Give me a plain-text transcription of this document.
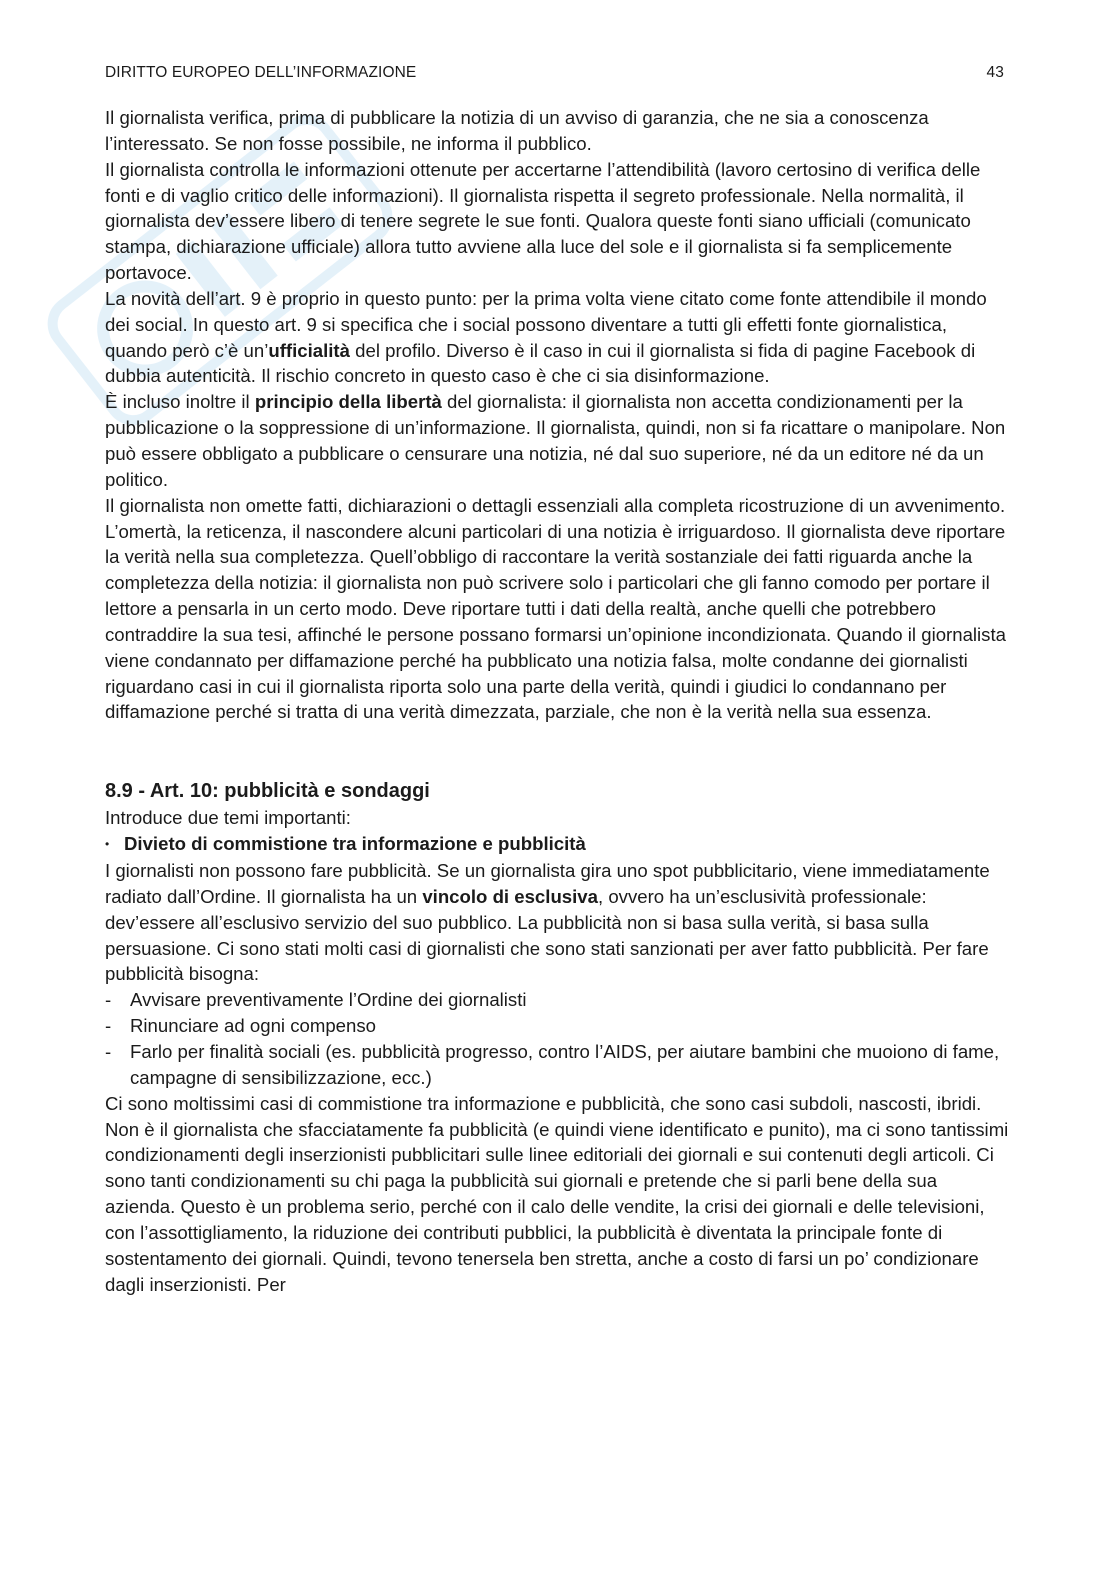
DIRITTO EUROPEO DELL’INFORMAZIONE	43

Il giornalista verifica, prima di pubblicare la notizia di un avviso di garanzia, che ne sia a conoscenza l’interessato. Se non fosse possibile, ne informa il pubblico.

Il giornalista controlla le informazioni ottenute per accertarne l’attendibilità (lavoro certosino di verifica delle fonti e di vaglio critico delle informazioni). Il giornalista rispetta il segreto professionale. Nella normalità, il giornalista dev’essere libero di tenere segrete le sue fonti. Qualora queste fonti siano ufficiali (comunicato stampa, dichiarazione ufficiale) allora tutto avviene alla luce del sole e il giornalista si fa semplicemente portavoce.

La novità dell’art. 9 è proprio in questo punto: per la prima volta viene citato come fonte attendibile il mondo dei social. In questo art. 9 si specifica che i social possono diventare a tutti gli effetti fonte giornalistica, quando però c’è un’ufficialità del profilo. Diverso è il caso in cui il giornalista si fida di pagine Facebook di dubbia autenticità. Il rischio concreto in questo caso è che ci sia disinformazione.

È incluso inoltre il principio della libertà del giornalista: il giornalista non accetta condizionamenti per la pubblicazione o la soppressione di un’informazione. Il giornalista, quindi, non si fa ricattare o manipolare. Non può essere obbligato a pubblicare o censurare una notizia, né dal suo superiore, né da un editore né da un politico.

Il giornalista non omette fatti, dichiarazioni o dettagli essenziali alla completa ricostruzione di un avvenimento. L’omertà, la reticenza, il nascondere alcuni particolari di una notizia è irriguardoso. Il giornalista deve riportare la verità nella sua completezza. Quell’obbligo di raccontare la verità sostanziale dei fatti riguarda anche la completezza della notizia: il giornalista non può scrivere solo i particolari che gli fanno comodo per portare il lettore a pensarla in un certo modo. Deve riportare tutti i dati della realtà, anche quelli che potrebbero contraddire la sua tesi, affinché le persone possano formarsi un’opinione incondizionata. Quando il giornalista viene condannato per diffamazione perché ha pubblicato una notizia falsa, molte condanne dei giornalisti riguardano casi in cui il giornalista riporta solo una parte della verità, quindi i giudici lo condannano per diffamazione perché si tratta di una verità dimezzata, parziale, che non è la verità nella sua essenza.

8.9 - Art. 10: pubblicità e sondaggi

Introduce due temi importanti:

• Divieto di commistione tra informazione e pubblicità

I giornalisti non possono fare pubblicità. Se un giornalista gira uno spot pubblicitario, viene immediatamente radiato dall’Ordine. Il giornalista ha un vincolo di esclusiva, ovvero ha un’esclusività professionale: dev’essere all’esclusivo servizio del suo pubblico. La pubblicità non si basa sulla verità, si basa sulla persuasione. Ci sono stati molti casi di giornalisti che sono stati sanzionati per aver fatto pubblicità. Per fare pubblicità bisogna:

- Avvisare preventivamente l’Ordine dei giornalisti

- Rinunciare ad ogni compenso

- Farlo per finalità sociali (es. pubblicità progresso, contro l’AIDS, per aiutare bambini che muoiono di fame, campagne di sensibilizzazione, ecc.)

Ci sono moltissimi casi di commistione tra informazione e pubblicità, che sono casi subdoli, nascosti, ibridi. Non è il giornalista che sfacciatamente fa pubblicità (e quindi viene identificato e punito), ma ci sono tantissimi condizionamenti degli inserzionisti pubblicitari sulle linee editoriali dei giornali e sui contenuti degli articoli. Ci sono tanti condizionamenti su chi paga la pubblicità sui giornali e pretende che si parli bene della sua azienda. Questo è un problema serio, perché con il calo delle vendite, la crisi dei giornali e delle televisioni, con l’assottigliamento, la riduzione dei contributi pubblici, la pubblicità è diventata la principale fonte di sostentamento dei giornali. Quindi, tevono tenersela ben stretta, anche a costo di farsi un po’ condizionare dagli inserzionisti. Per
